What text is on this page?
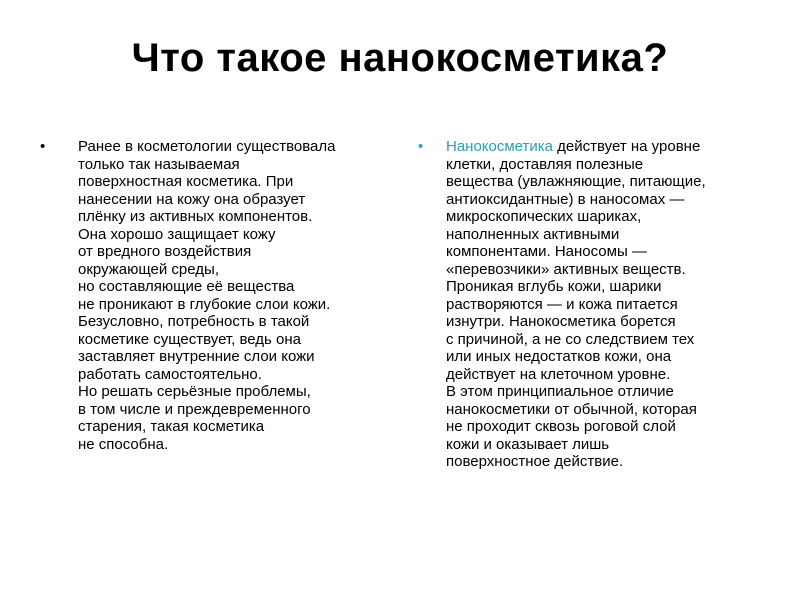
Что такое нанокосметика?
• Ранее в косметологии существовала
только так называемая
поверхностная косметика. При
нанесении на кожу она образует
плёнку из активных компонентов.
Она хорошо защищает кожу
от вредного воздействия
окружающей среды,
но составляющие её вещества
не проникают в глубокие слои кожи.
Безусловно, потребность в такой
косметике существует, ведь она
заставляет внутренние слои кожи
работать самостоятельно.
Но решать серьёзные проблемы,
в том числе и преждевременного
старения, такая косметика
не способна.
• Нанокосметика действует на уровне
клетки, доставляя полезные
вещества (увлажняющие, питающие,
антиоксидантные) в наносомах —
микроскопических шариках,
наполненных активными
компонентами. Наносомы —
«перевозчики» активных веществ.
Проникая вглубь кожи, шарики
растворяются — и кожа питается
изнутри. Нанокосметика борется
с причиной, а не со следствием тех
или иных недостатков кожи, она
действует на клеточном уровне.
В этом принципиальное отличие
нанокосметики от обычной, которая
не проходит сквозь роговой слой
кожи и оказывает лишь
поверхностное действие.
